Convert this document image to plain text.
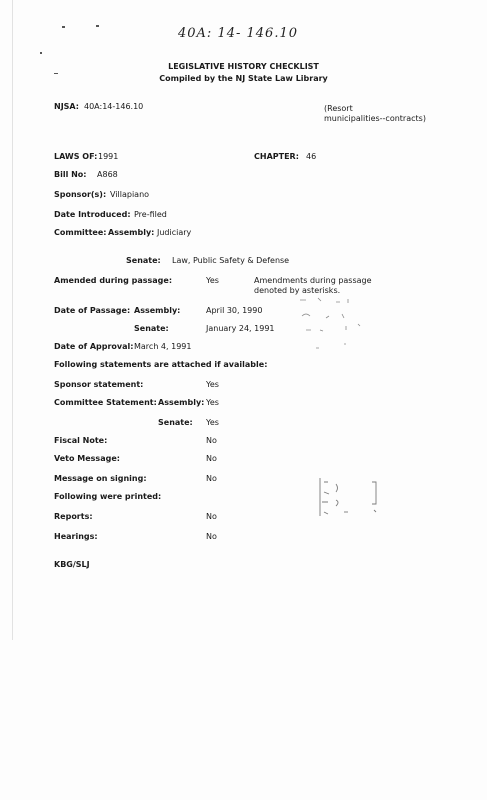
40A: 14- 146.10
LEGISLATIVE HISTORY CHECKLIST
Compiled by the NJ State Law Library
NJSA: 40A:14-146.10	(Resort
municipalities--contracts)
LAWS OF: 1991	CHAPTER: 46
Bill No: A868
Sponsor(s): Villapiano
Date Introduced: Pre-filed
Committee: Assembly: Judiciary
Senate: Law, Public Safety & Defense
Amended during passage:	Yes	Amendments during passage
denoted by asterisks.
Date of Passage: Assembly:	April 30, 1990
Senate:	January 24, 1991
Date of Approval: March 4, 1991
Following statements are attached if available:
Sponsor statement:	Yes
Committee Statement: Assembly: Yes
Senate: Yes
Fiscal Note:	No
Veto Message:	No
Message on signing:	No
Following were printed:
Reports:	No
Hearings:	No
KBG/SLJ
